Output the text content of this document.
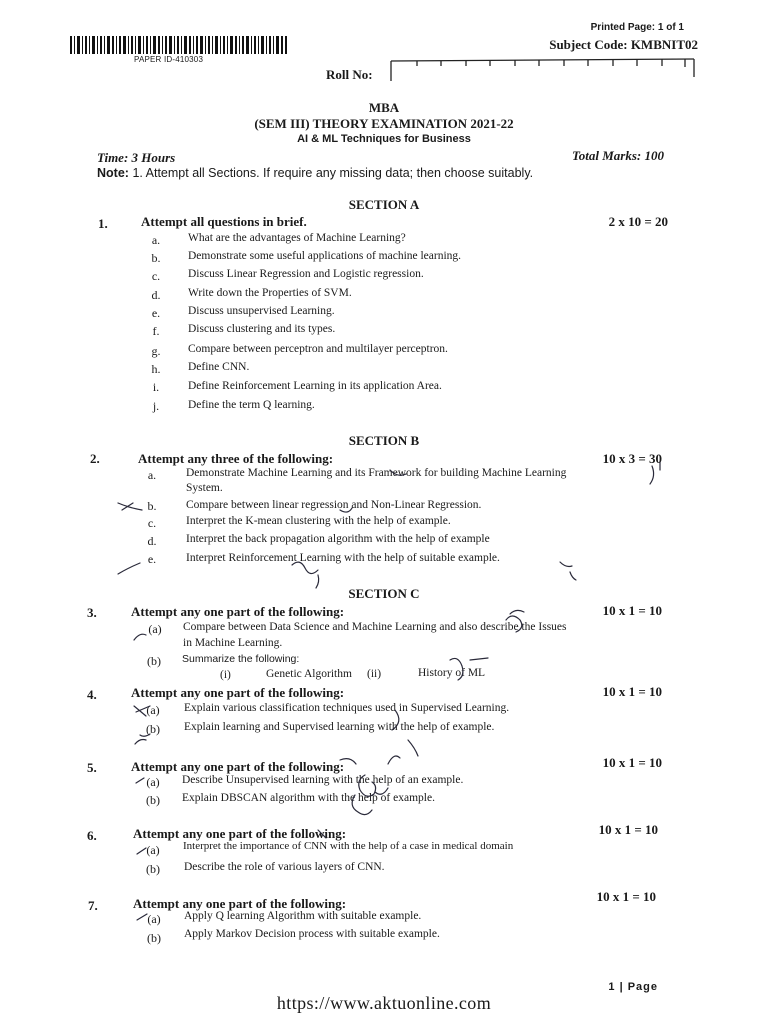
PAPER ID-410303
Printed Page: 1 of 1
Subject Code: KMBNIT02
Roll No:
MBA
(SEM III) THEORY EXAMINATION 2021-22
AI & ML Techniques for Business
Time: 3 Hours	Total Marks: 100
Note: 1. Attempt all Sections. If require any missing data; then choose suitably.
SECTION A
1.	Attempt all questions in brief.	2 x 10 = 20
a.	What are the advantages of Machine Learning?
b.	Demonstrate some useful applications of machine learning.
c.	Discuss Linear Regression and Logistic regression.
d.	Write down the Properties of SVM.
e.	Discuss unsupervised Learning.
f.	Discuss clustering and its types.
g.	Compare between perceptron and multilayer perceptron.
h.	Define CNN.
i.	Define Reinforcement Learning in its application Area.
j.	Define the term Q learning.
SECTION B
2.	Attempt any three of the following:	10 x 3 = 30
a.	Demonstrate Machine Learning and its Framework for building Machine Learning
System.
b.	Compare between linear regression and Non-Linear Regression.
c.	Interpret the K-mean clustering with the help of example.
d.	Interpret the back propagation algorithm with the help of example
e.	Interpret Reinforcement Learning with the help of suitable example.
SECTION C
3.	Attempt any one part of the following:	10 x 1 = 10
(a)	Compare between Data Science and Machine Learning and also describe the Issues
in Machine Learning.
(b)	Summarize the following:
(i)	Genetic Algorithm (ii)	History of ML
4.	Attempt any one part of the following:	10 x 1 = 10
(a)	Explain various classification techniques used in Supervised Learning.
(b)	Explain learning and Supervised learning with the help of example.
5.	Attempt any one part of the following:	10 x 1 = 10
(a)	Describe Unsupervised learning with the help of an example.
(b)	Explain DBSCAN algorithm with the help of example.
6.	Attempt any one part of the following:	10 x 1 = 10
(a)	Interpret the importance of CNN with the help of a case in medical domain
(b)	Describe the role of various layers of CNN.
7.	Attempt any one part of the following:	10 x 1 = 10
(a)	Apply Q learning Algorithm with suitable example.
(b)	Apply Markov Decision process with suitable example.
1 | Page
https://www.aktuonline.com
